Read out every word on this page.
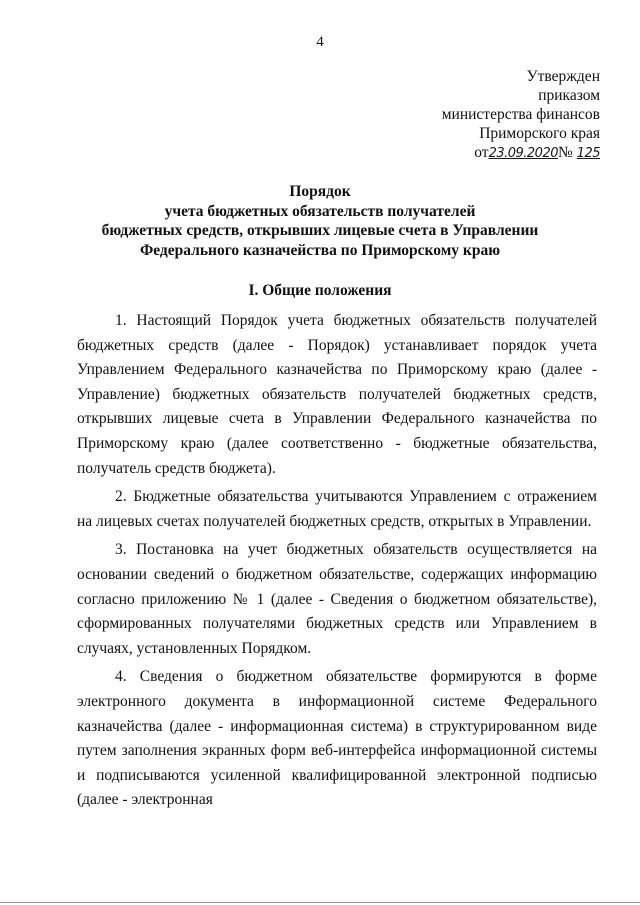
4
Утвержден
приказом
министерства финансов
Приморского края
от23.09.2020№ 125
Порядок
учета бюджетных обязательств получателей
бюджетных средств, открывших лицевые счета в Управлении
Федерального казначейства по Приморскому краю
I. Общие положения

1. Настоящий Порядок учета бюджетных обязательств получателей бюджетных средств (далее - Порядок) устанавливает порядок учета Управлением Федерального казначейства по Приморскому краю (далее - Управление) бюджетных обязательств получателей бюджетных средств, открывших лицевые счета в Управлении Федерального казначейства по Приморскому краю (далее соответственно - бюджетные обязательства, получатель средств бюджета).

2. Бюджетные обязательства учитываются Управлением с отражением на лицевых счетах получателей бюджетных средств, открытых в Управлении.

3. Постановка на учет бюджетных обязательств осуществляется на основании сведений о бюджетном обязательстве, содержащих информацию согласно приложению № 1 (далее - Сведения о бюджетном обязательстве), сформированных получателями бюджетных средств или Управлением в случаях, установленных Порядком.

4. Сведения о бюджетном обязательстве формируются в форме электронного документа в информационной системе Федерального казначейства (далее - информационная система) в структурированном виде путем заполнения экранных форм веб-интерфейса информационной системы и подписываются усиленной квалифицированной электронной подписью (далее - электронная
